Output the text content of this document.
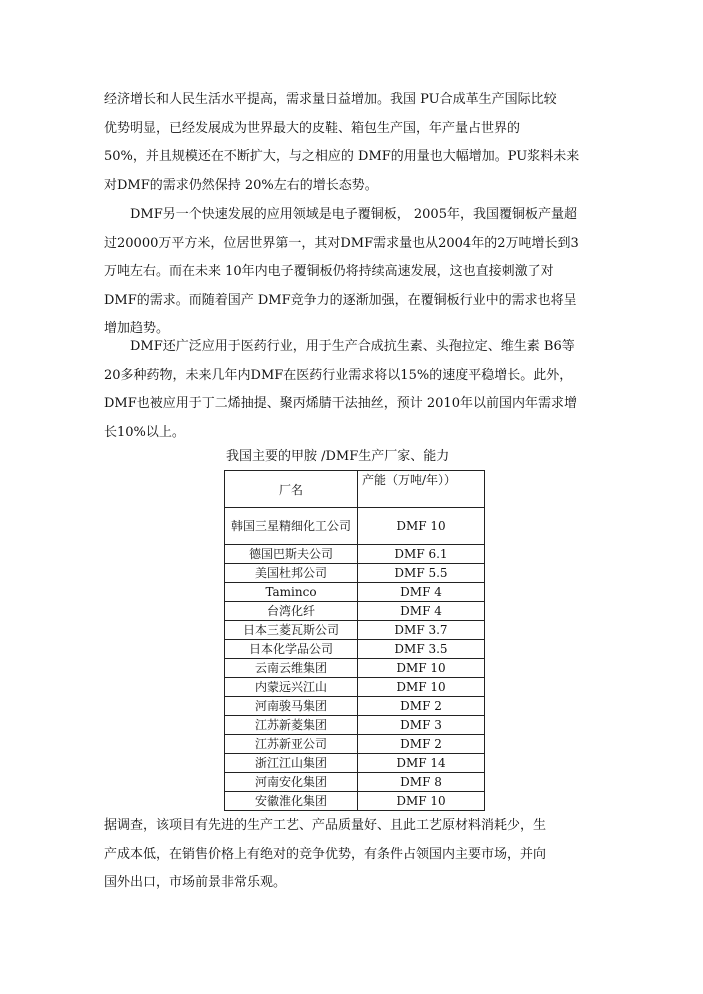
经济增长和人民生活水平提高，需求量日益增加。我国 PU合成革生产国际比较
优势明显，已经发展成为世界最大的皮鞋、箱包生产国，年产量占世界的
50%，并且规模还在不断扩大，与之相应的 DMF的用量也大幅增加。PU浆料未来
对DMF的需求仍然保持 20%左右的增长态势。
DMF另一个快速发展的应用领域是电子覆铜板， 2005年，我国覆铜板产量超
过20000万平方米，位居世界第一，其对DMF需求量也从2004年的2万吨增长到3
万吨左右。而在未来 10年内电子覆铜板仍将持续高速发展，这也直接刺激了对
DMF的需求。而随着国产 DMF竞争力的逐渐加强，在覆铜板行业中的需求也将呈
增加趋势。
DMF还广泛应用于医药行业，用于生产合成抗生素、头孢拉定、维生素 B6等
20多种药物，未来几年内DMF在医药行业需求将以15%的速度平稳增长。此外，
DMF也被应用于丁二烯抽提、聚丙烯腈干法抽丝，预计 2010年以前国内年需求增
长10%以上。
我国主要的甲胺 /DMF生产厂家、能力
厂名	产能（万吨/年））
韩国三星精细化工公司	DMF 10
德国巴斯夫公司	DMF 6.1
美国杜邦公司	DMF 5.5
Taminco	DMF 4
台湾化纤	DMF 4
日本三菱瓦斯公司	DMF 3.7
日本化学品公司	DMF 3.5
云南云维集团	DMF 10
内蒙远兴江山	DMF 10
河南骏马集团	DMF 2
江苏新菱集团	DMF 3
江苏新亚公司	DMF 2
浙江江山集团	DMF 14
河南安化集团	DMF 8
安徽淮化集团	DMF 10
据调查，该项目有先进的生产工艺、产品质量好、且此工艺原材料消耗少，生
产成本低，在销售价格上有绝对的竞争优势，有条件占领国内主要市场，并向
国外出口，市场前景非常乐观。
